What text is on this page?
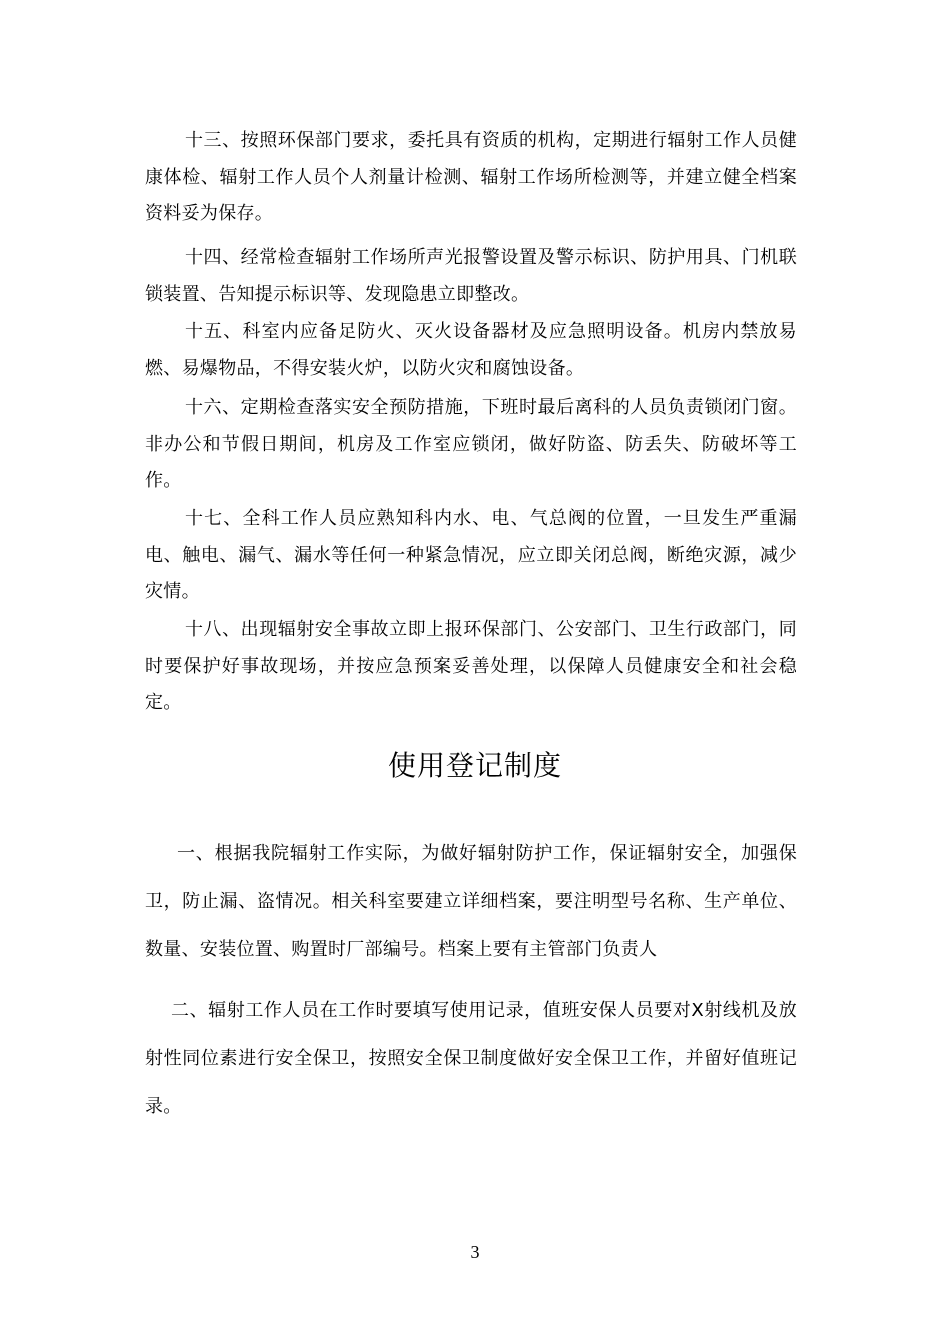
十三、按照环保部门要求，委托具有资质的机构，定期进行辐射工作人员健康体检、辐射工作人员个人剂量计检测、辐射工作场所检测等，并建立健全档案资料妥为保存。

十四、经常检查辐射工作场所声光报警设置及警示标识、防护用具、门机联锁装置、告知提示标识等、发现隐患立即整改。

十五、科室内应备足防火、灭火设备器材及应急照明设备。机房内禁放易燃、易爆物品，不得安装火炉，以防火灾和腐蚀设备。

十六、定期检查落实安全预防措施，下班时最后离科的人员负责锁闭门窗。非办公和节假日期间，机房及工作室应锁闭，做好防盗、防丢失、防破坏等工作。

十七、全科工作人员应熟知科内水、电、气总阀的位置，一旦发生严重漏电、触电、漏气、漏水等任何一种紧急情况，应立即关闭总阀，断绝灾源，减少灾情。

十八、出现辐射安全事故立即上报环保部门、公安部门、卫生行政部门，同时要保护好事故现场，并按应急预案妥善处理，以保障人员健康安全和社会稳定。

使用登记制度

一、根据我院辐射工作实际，为做好辐射防护工作，保证辐射安全，加强保卫，防止漏、盗情况。相关科室要建立详细档案，要注明型号名称、生产单位、数量、安装位置、购置时厂部编号。档案上要有主管部门负责人

二、辐射工作人员在工作时要填写使用记录，值班安保人员要对X射线机及放射性同位素进行安全保卫，按照安全保卫制度做好安全保卫工作，并留好值班记录。

3
